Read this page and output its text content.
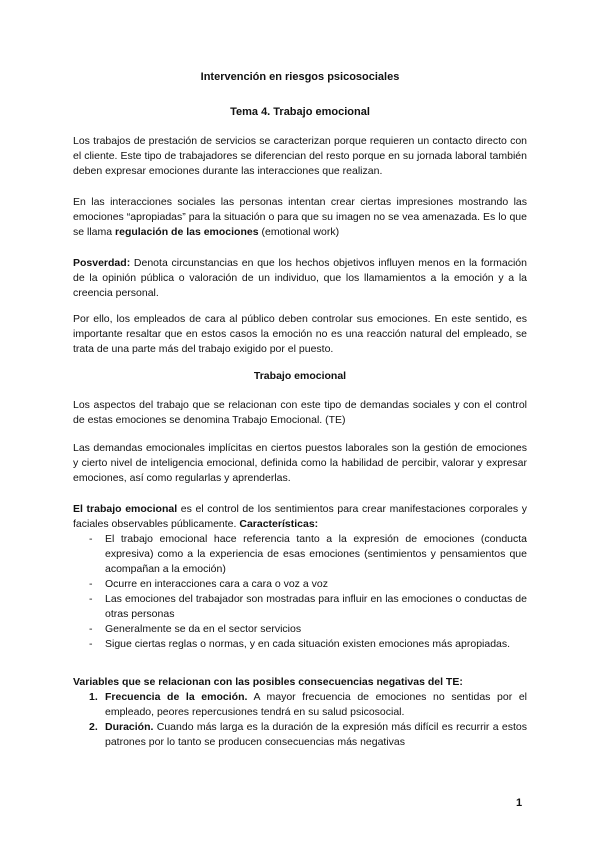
Intervención en riesgos psicosociales
Tema 4. Trabajo emocional

Los trabajos de prestación de servicios se caracterizan porque requieren un contacto directo con el cliente. Este tipo de trabajadores se diferencian del resto porque en su jornada laboral también deben expresar emociones durante las interacciones que realizan.

En las interacciones sociales las personas intentan crear ciertas impresiones mostrando las emociones “apropiadas” para la situación o para que su imagen no se vea amenazada. Es lo que se llama regulación de las emociones (emotional work)

Posverdad: Denota circunstancias en que los hechos objetivos influyen menos en la formación de la opinión pública o valoración de un individuo, que los llamamientos a la emoción y a la creencia personal.

Por ello, los empleados de cara al público deben controlar sus emociones. En este sentido, es importante resaltar que en estos casos la emoción no es una reacción natural del empleado, se trata de una parte más del trabajo exigido por el puesto.

Trabajo emocional

Los aspectos del trabajo que se relacionan con este tipo de demandas sociales y con el control de estas emociones se denomina Trabajo Emocional. (TE)

Las demandas emocionales implícitas en ciertos puestos laborales son la gestión de emociones y cierto nivel de inteligencia emocional, definida como la habilidad de percibir, valorar y expresar emociones, así como regularlas y aprenderlas.

El trabajo emocional es el control de los sentimientos para crear manifestaciones corporales y faciales observables públicamente. Características:

- El trabajo emocional hace referencia tanto a la expresión de emociones (conducta expresiva) como a la experiencia de esas emociones (sentimientos y pensamientos que acompañan a la emoción)
- Ocurre en interacciones cara a cara o voz a voz
- Las emociones del trabajador son mostradas para influir en las emociones o conductas de otras personas
- Generalmente se da en el sector servicios
- Sigue ciertas reglas o normas, y en cada situación existen emociones más apropiadas.
Variables que se relacionan con las posibles consecuencias negativas del TE:
1. Frecuencia de la emoción. A mayor frecuencia de emociones no sentidas por el empleado, peores repercusiones tendrá en su salud psicosocial.
2. Duración. Cuando más larga es la duración de la expresión más difícil es recurrir a estos patrones por lo tanto se producen consecuencias más negativas
1
